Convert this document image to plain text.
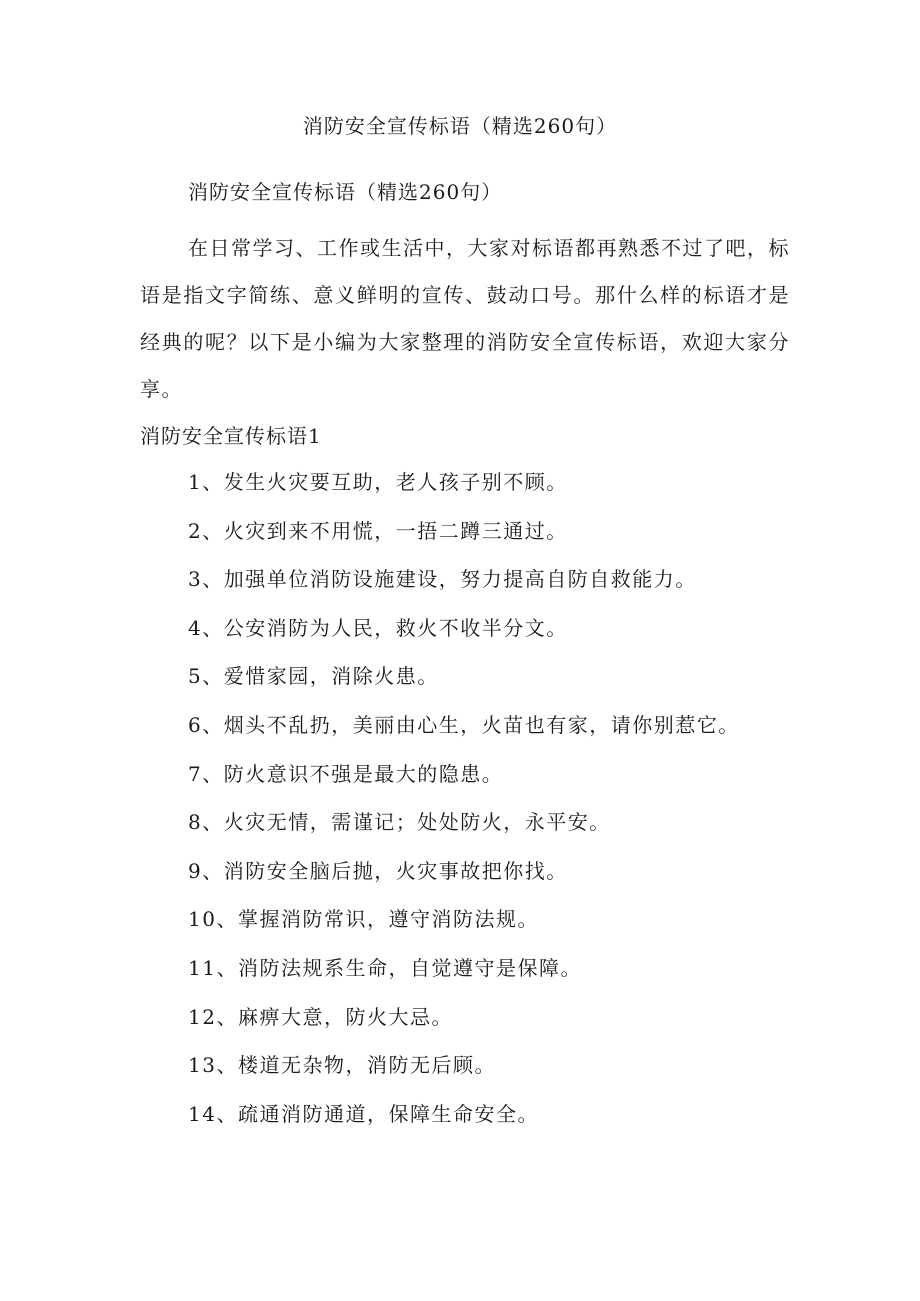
消防安全宣传标语（精选260句）
消防安全宣传标语（精选260句）

在日常学习、工作或生活中，大家对标语都再熟悉不过了吧，标语是指文字简练、意义鲜明的宣传、鼓动口号。那什么样的标语才是经典的呢？以下是小编为大家整理的消防安全宣传标语，欢迎大家分享。

消防安全宣传标语1
1、发生火灾要互助，老人孩子别不顾。
2、火灾到来不用慌，一捂二蹲三通过。
3、加强单位消防设施建设，努力提高自防自救能力。
4、公安消防为人民，救火不收半分文。
5、爱惜家园，消除火患。
6、烟头不乱扔，美丽由心生，火苗也有家，请你别惹它。
7、防火意识不强是最大的隐患。
8、火灾无情，需谨记；处处防火，永平安。
9、消防安全脑后抛，火灾事故把你找。
10、掌握消防常识，遵守消防法规。
11、消防法规系生命，自觉遵守是保障。
12、麻痹大意，防火大忌。
13、楼道无杂物，消防无后顾。
14、疏通消防通道，保障生命安全。
